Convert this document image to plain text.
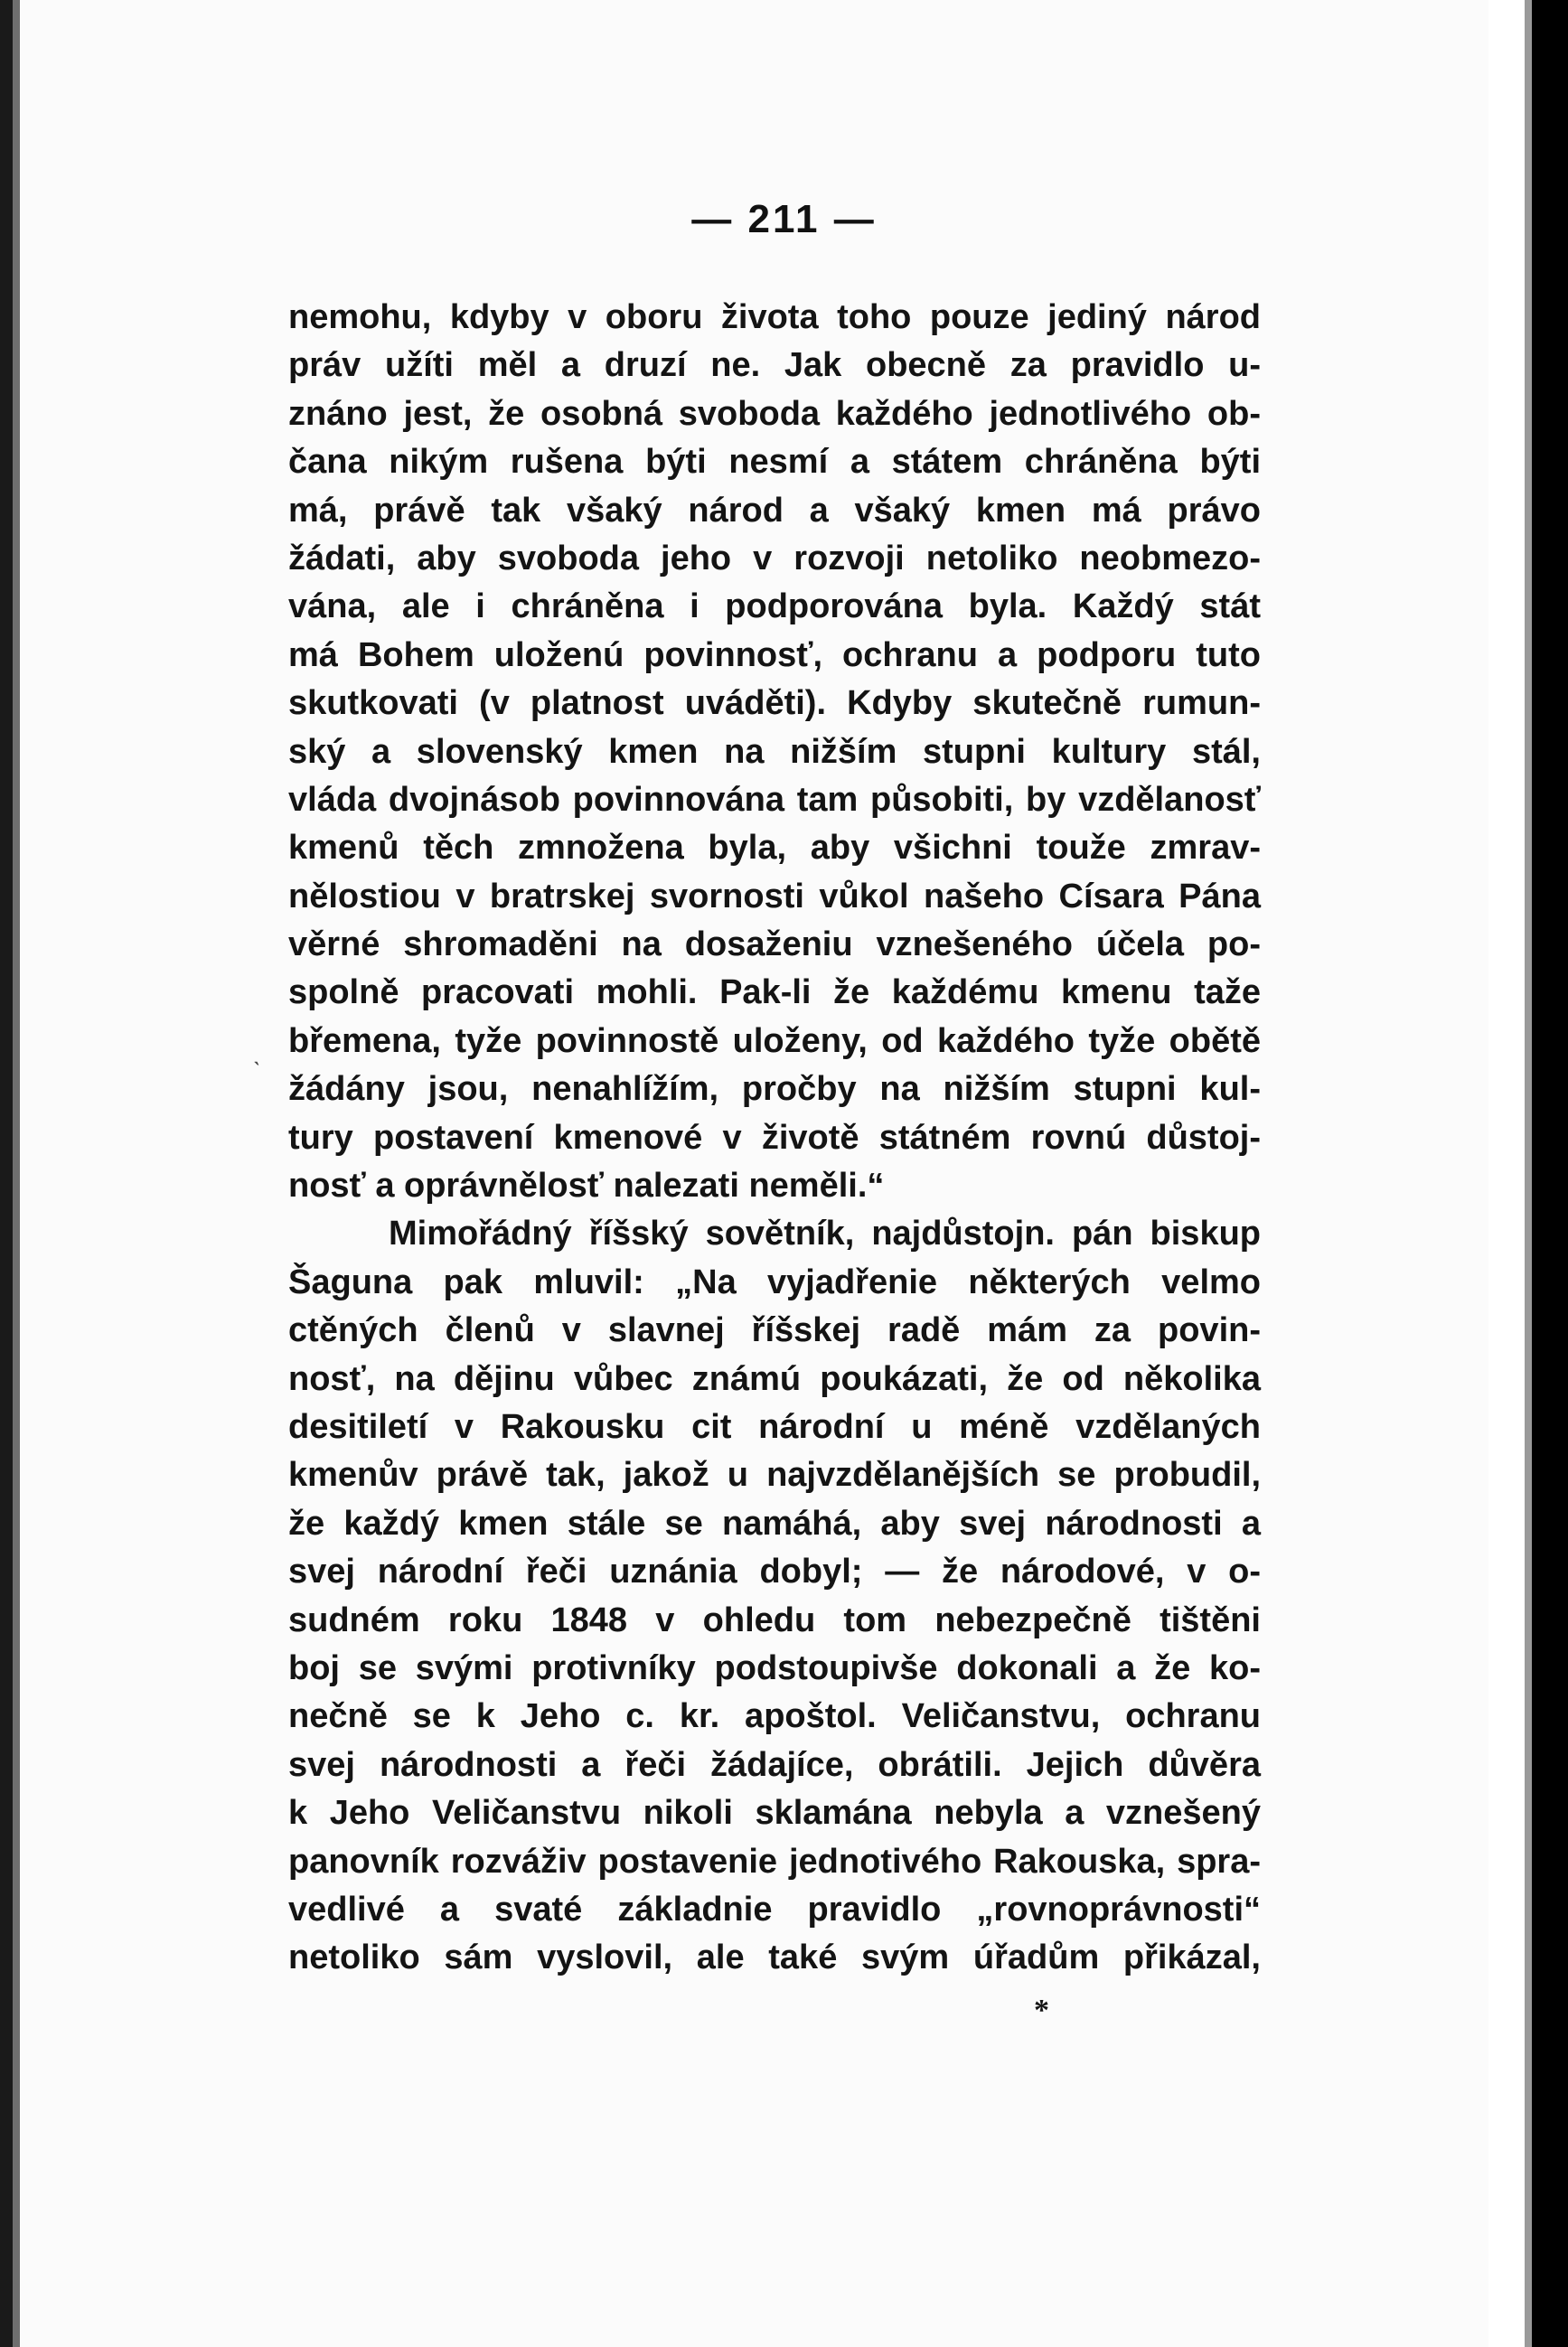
— 211 —
ˎ
nemohu, kdyby v oboru života toho pouze jediný národ
práv užíti měl a druzí ne. Jak obecně za pravidlo u-
znáno jest, že osobná svoboda každého jednotlivého ob-
čana nikým rušena býti nesmí a státem chráněna býti
má, právě tak všaký národ a všaký kmen má právo
žádati, aby svoboda jeho v rozvoji netoliko neobmezo-
vána, ale i chráněna i podporována byla. Každý stát
má Bohem uloženú povinnosť, ochranu a podporu tuto
skutkovati (v platnost uváděti). Kdyby skutečně rumun-
ský a slovenský kmen na nižším stupni kultury stál,
vláda dvojnásob povinnována tam působiti, by vzdělanosť
kmenů těch zmnožena byla, aby všichni touže zmrav-
nělostiou v bratrskej svornosti vůkol našeho Císara Pána
věrné shromaděni na dosaženiu vznešeného účela po-
spolně pracovati mohli. Pak-li že každému kmenu taže
břemena, tyže povinnostě uloženy, od každého tyže obětě
žádány jsou, nenahlížím, pročby na nižším stupni kul-
tury postavení kmenové v životě státném rovnú důstoj-
nosť a oprávnělosť nalezati neměli.“
Mimořádný říšský sovětník, najdůstojn. pán biskup
Šaguna pak mluvil: „Na vyjadřenie některých velmo
ctěných členů v slavnej říšskej radě mám za povin-
nosť, na dějinu vůbec známú poukázati, že od několika
desitiletí v Rakousku cit národní u méně vzdělaných
kmenův právě tak, jakož u najvzdělanějších se probudil,
že každý kmen stále se namáhá, aby svej národnosti a
svej národní řeči uznánia dobyl; — že národové, v o-
sudném roku 1848 v ohledu tom nebezpečně tištěni
boj se svými protivníky podstoupivše dokonali a že ko-
nečně se k Jeho c. kr. apoštol. Veličanstvu, ochranu
svej národnosti a řeči žádajíce, obrátili. Jejich důvěra
k Jeho Veličanstvu nikoli sklamána nebyla a vznešený
panovník rozváživ postavenie jednotivého Rakouska, spra-
vedlivé a svaté základnie pravidlo „rovnoprávnosti“
netoliko sám vyslovil, ale také svým úřadům přikázal,
*
